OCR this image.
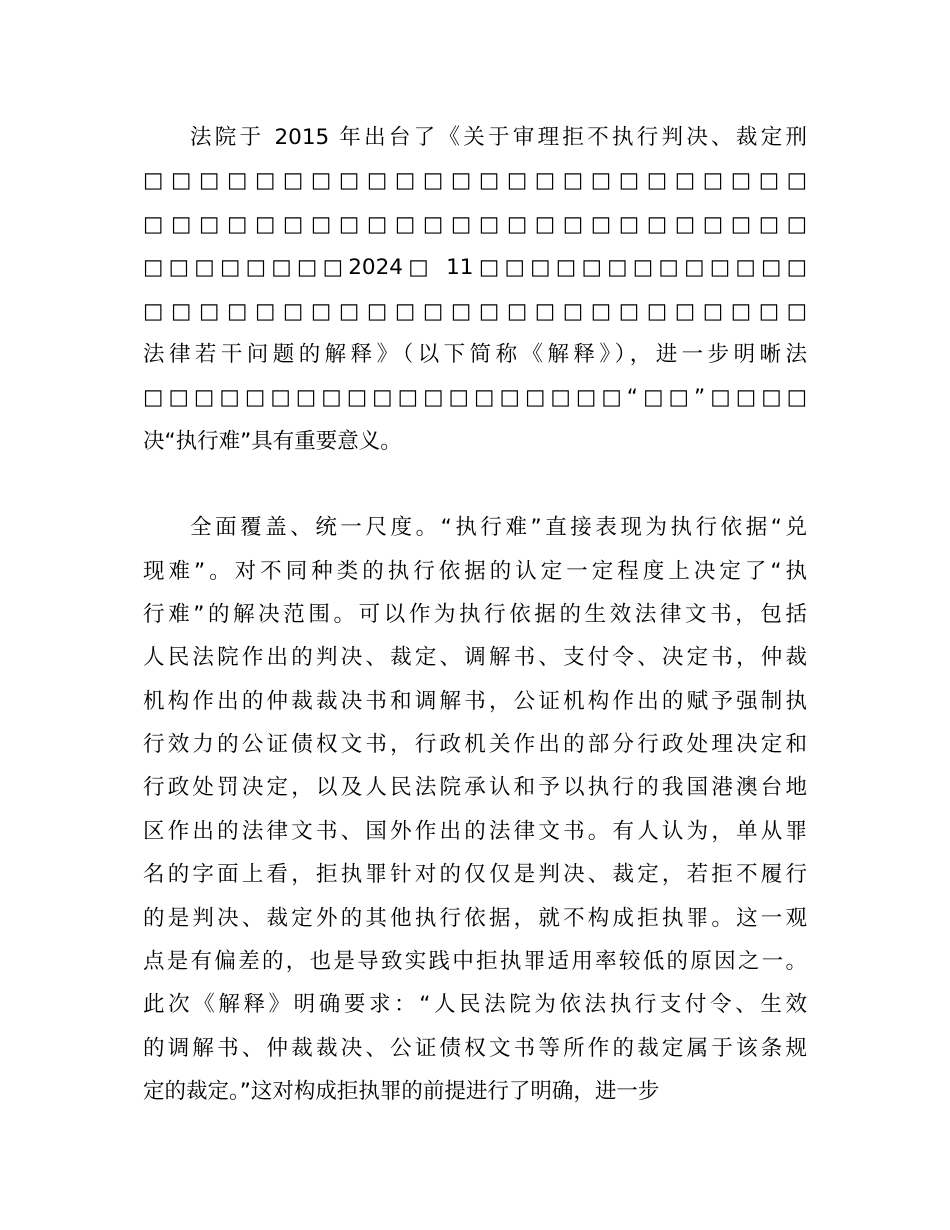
法院于 2015 年出台了《关于审理拒不执行判决、裁定刑
□□□□□□□□□□□□□□□□□□□□□□□□
□□□□□□□□□□□□□□□□□□□□□□□□
□□□□□□□□2024□ 11□□□□□□□□□□□□□
□□□□□□□□□□□□□□□□□□□□□□□□
法律若干问题的解释》（以下简称《解释》），进一步明晰法
□□□□□□□□□□□□□□□□□□□“□□”□□□□
决“执行难”具有重要意义。
全面覆盖、统一尺度。“执行难”直接表现为执行依据“兑
现难”。对不同种类的执行依据的认定一定程度上决定了“执
行难”的解决范围。可以作为执行依据的生效法律文书，包括
人民法院作出的判决、裁定、调解书、支付令、决定书，仲裁
机构作出的仲裁裁决书和调解书，公证机构作出的赋予强制执
行效力的公证债权文书，行政机关作出的部分行政处理决定和
行政处罚决定，以及人民法院承认和予以执行的我国港澳台地
区作出的法律文书、国外作出的法律文书。有人认为，单从罪
名的字面上看，拒执罪针对的仅仅是判决、裁定，若拒不履行
的是判决、裁定外的其他执行依据，就不构成拒执罪。这一观
点是有偏差的，也是导致实践中拒执罪适用率较低的原因之一。
此次《解释》明确要求：“人民法院为依法执行支付令、生效
的调解书、仲裁裁决、公证债权文书等所作的裁定属于该条规
定的裁定。”这对构成拒执罪的前提进行了明确，进一步
